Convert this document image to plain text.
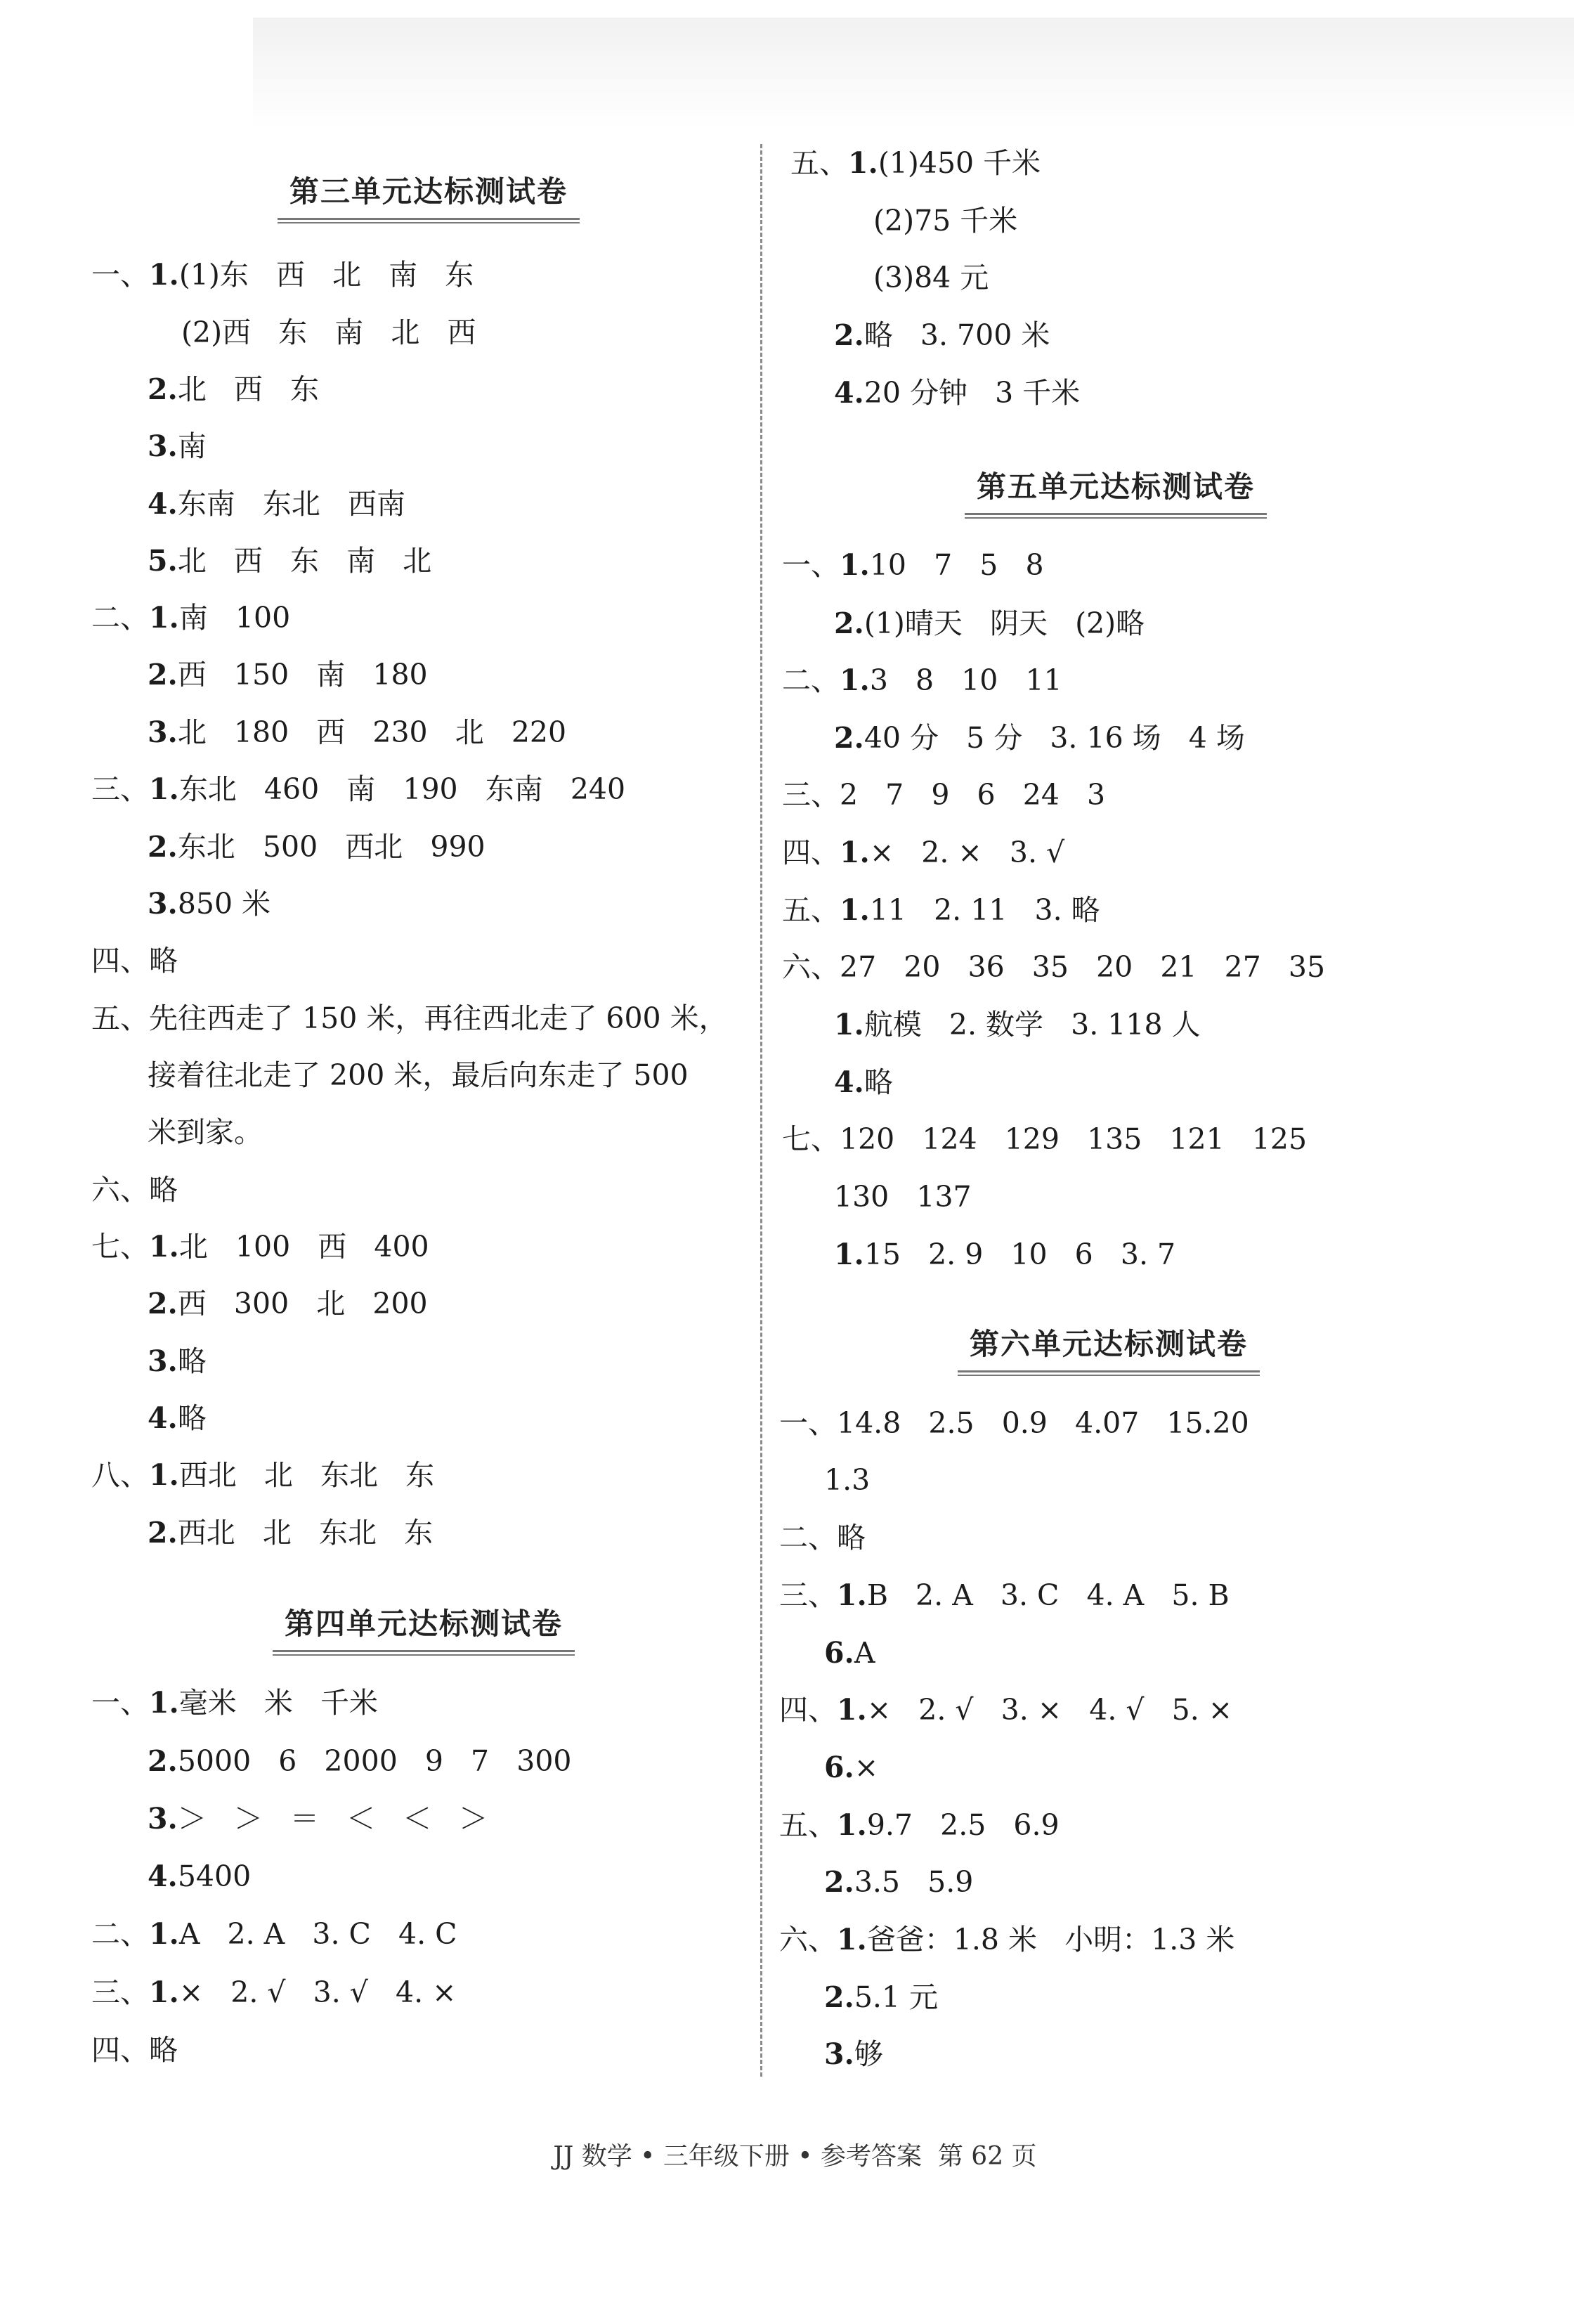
第三单元达标测试卷
一、1.(1)东   西   北   南   东
(2)西   东   南   北   西
2.北   西   东
3.南
4.东南   东北   西南
5.北   西   东   南   北
二、1.南   100
2.西   150   南   180
3.北   180   西   230   北   220
三、1.东北   460   南   190   东南   240
2.东北   500   西北   990
3.850 米
四、略
五、先往西走了 150 米，再往西北走了 600 米，
接着往北走了 200 米，最后向东走了 500
米到家。
六、略
七、1.北   100   西   400
2.西   300   北   200
3.略
4.略
八、1.西北   北   东北   东
2.西北   北   东北   东
第四单元达标测试卷
一、1.毫米   米   千米
2.5000   6   2000   9   7   300
3.＞   ＞   ＝   ＜   ＜   ＞
4.5400
二、1.A   2. A   3. C   4. C
三、1.×   2. √   3. √   4. ×
四、略
五、1.(1)450 千米
(2)75 千米
(3)84 元
2.略   3. 700 米
4.20 分钟   3 千米
第五单元达标测试卷
一、1.10   7   5   8
2.(1)晴天   阴天   (2)略
二、1.3   8   10   11
2.40 分   5 分   3. 16 场   4 场
三、2   7   9   6   24   3
四、1.×   2. ×   3. √
五、1.11   2. 11   3. 略
六、27   20   36   35   20   21   27   35
1.航模   2. 数学   3. 118 人
4.略
七、120   124   129   135   121   125
130   137
1.15   2. 9   10   6   3. 7
第六单元达标测试卷
一、14.8   2.5   0.9   4.07   15.20
1.3
二、略
三、1.B   2. A   3. C   4. A   5. B
6.A
四、1.×   2. √   3. ×   4. √   5. ×
6.×
五、1.9.7   2.5   6.9
2.3.5   5.9
六、1.爸爸：1.8 米   小明：1.3 米
2.5.1 元
3.够
JJ 数学 • 三年级下册 • 参考答案  第 62 页
